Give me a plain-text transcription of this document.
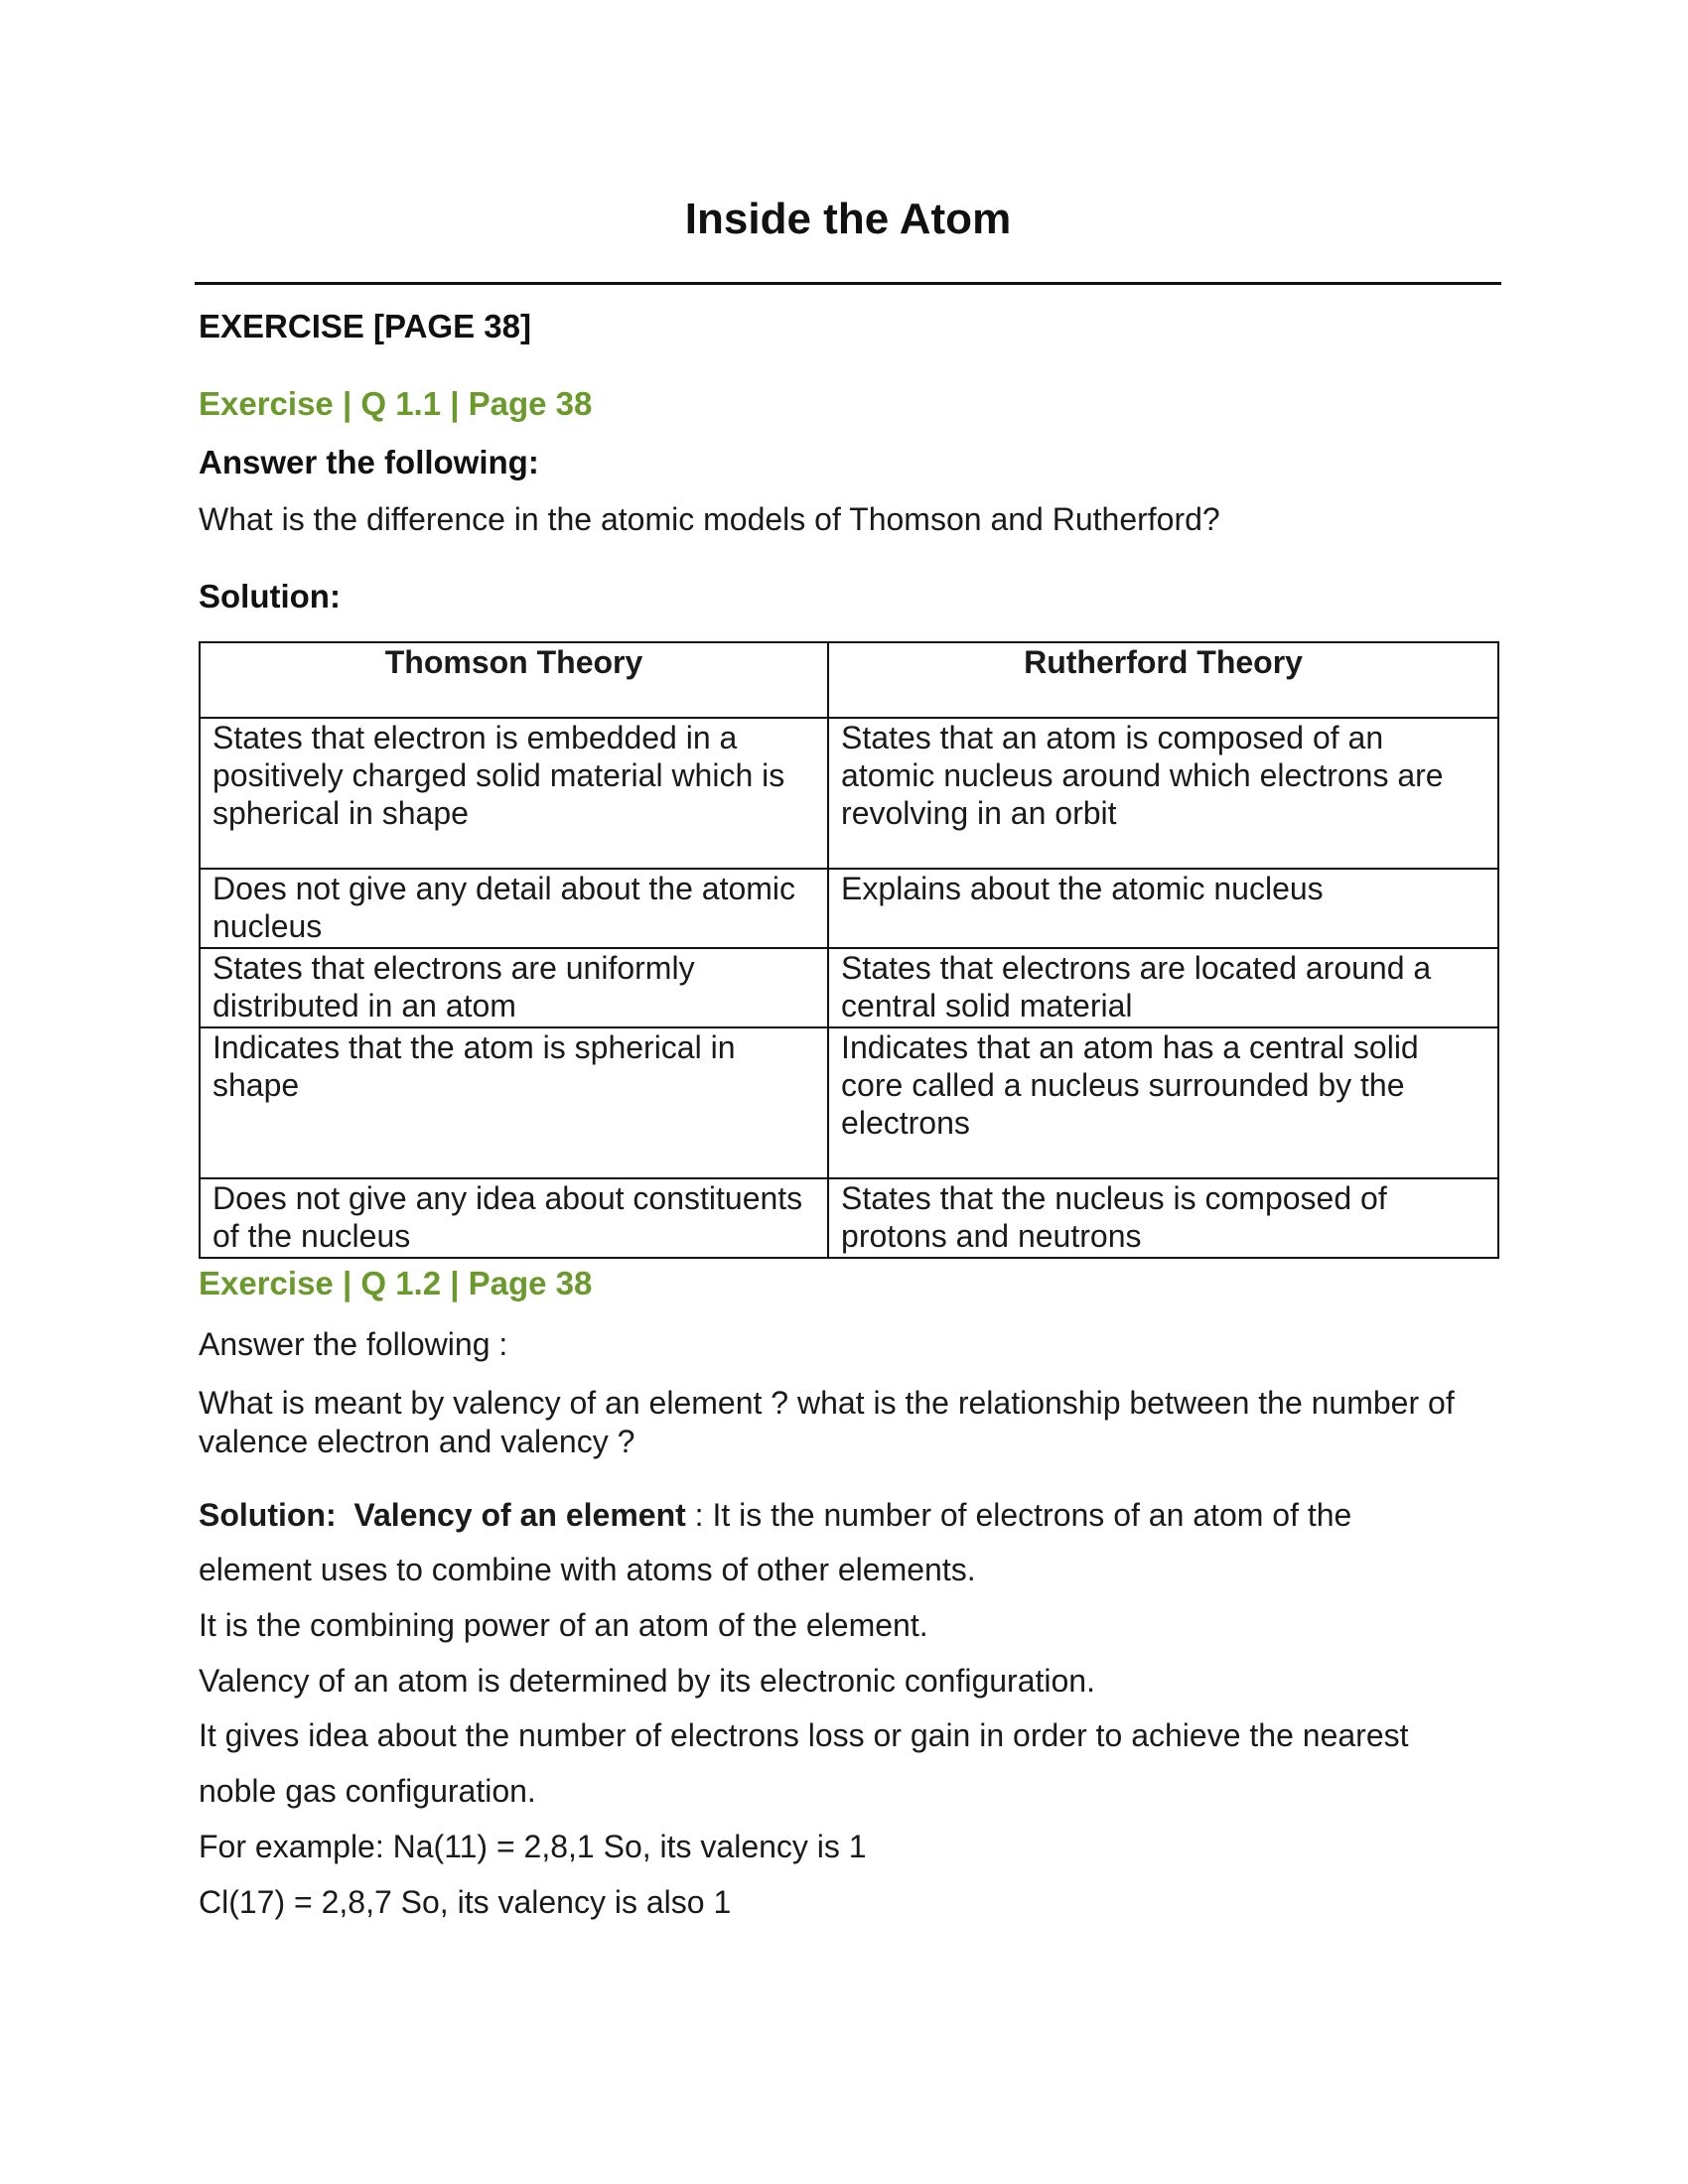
Inside the Atom
EXERCISE [PAGE 38]
Exercise | Q 1.1 | Page 38
Answer the following:
What is the difference in the atomic models of Thomson and Rutherford?
Solution:
Thomson Theory	Rutherford Theory
States that electron is embedded in a positively charged solid material which is spherical in shape	States that an atom is composed of an atomic nucleus around which electrons are revolving in an orbit
Does not give any detail about the atomic nucleus	Explains about the atomic nucleus
States that electrons are uniformly distributed in an atom	States that electrons are located around a central solid material
Indicates that the atom is spherical in shape	Indicates that an atom has a central solid core called a nucleus surrounded by the electrons
Does not give any idea about constituents of the nucleus	States that the nucleus is composed of protons and neutrons
Exercise | Q 1.2 | Page 38
Answer the following :
What is meant by valency of an element ? what is the relationship between the number of valence electron and valency ?
Solution: Valency of an element : It is the number of electrons of an atom of the
element uses to combine with atoms of other elements.
It is the combining power of an atom of the element.
Valency of an atom is determined by its electronic configuration.
It gives idea about the number of electrons loss or gain in order to achieve the nearest
noble gas configuration.
For example: Na(11) = 2,8,1 So, its valency is 1
Cl(17) = 2,8,7 So, its valency is also 1
